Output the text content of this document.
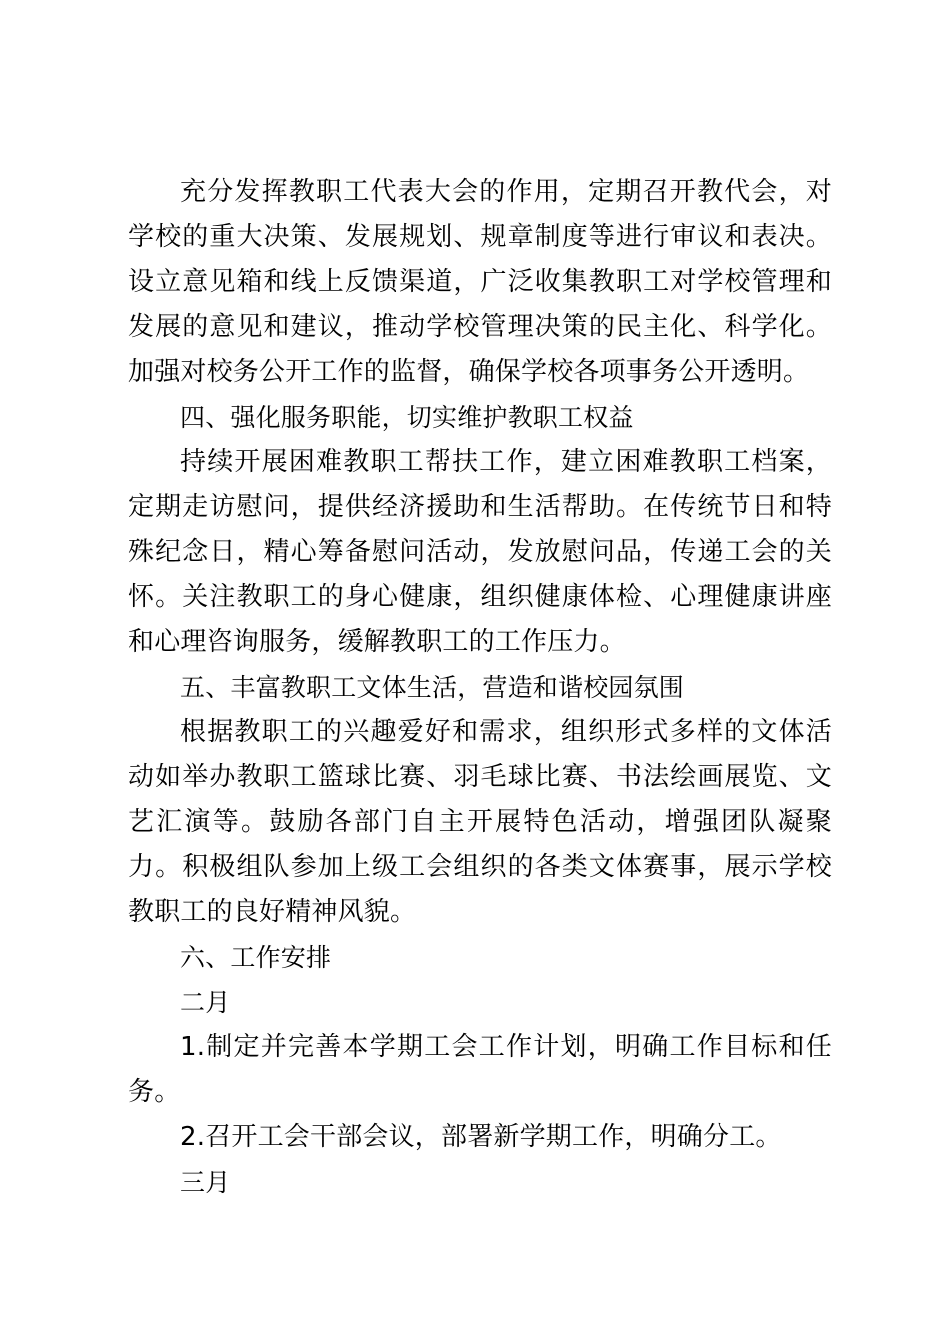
充分发挥教职工代表大会的作用，定期召开教代会，对学校的重大决策、发展规划、规章制度等进行审议和表决。设立意见箱和线上反馈渠道，广泛收集教职工对学校管理和发展的意见和建议，推动学校管理决策的民主化、科学化。加强对校务公开工作的监督，确保学校各项事务公开透明。

四、强化服务职能，切实维护教职工权益

持续开展困难教职工帮扶工作，建立困难教职工档案，定期走访慰问，提供经济援助和生活帮助。在传统节日和特殊纪念日，精心筹备慰问活动，发放慰问品，传递工会的关怀。关注教职工的身心健康，组织健康体检、心理健康讲座和心理咨询服务，缓解教职工的工作压力。

五、丰富教职工文体生活，营造和谐校园氛围

根据教职工的兴趣爱好和需求，组织形式多样的文体活动如举办教职工篮球比赛、羽毛球比赛、书法绘画展览、文艺汇演等。鼓励各部门自主开展特色活动，增强团队凝聚力。积极组队参加上级工会组织的各类文体赛事，展示学校教职工的良好精神风貌。

六、工作安排

二月

1.制定并完善本学期工会工作计划，明确工作目标和任务。

2.召开工会干部会议，部署新学期工作，明确分工。

三月
